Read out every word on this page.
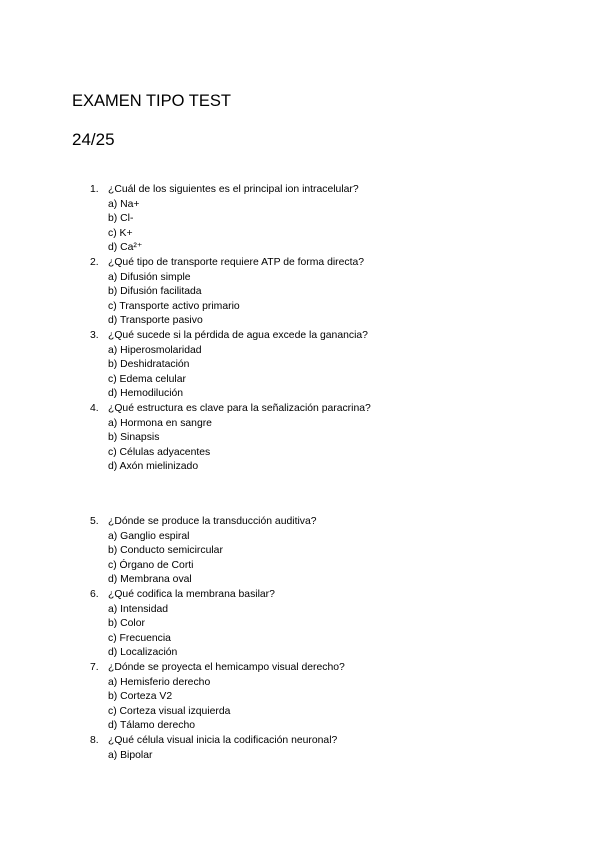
EXAMEN TIPO TEST
24/25
1. ¿Cuál de los siguientes es el principal ion intracelular?
a) Na+
b) Cl-
c) K+
d) Ca²⁺
2. ¿Qué tipo de transporte requiere ATP de forma directa?
a) Difusión simple
b) Difusión facilitada
c) Transporte activo primario
d) Transporte pasivo
3. ¿Qué sucede si la pérdida de agua excede la ganancia?
a) Hiperosmolaridad
b) Deshidratación
c) Edema celular
d) Hemodilución
4. ¿Qué estructura es clave para la señalización paracrina?
a) Hormona en sangre
b) Sinapsis
c) Células adyacentes
d) Axón mielinizado
5. ¿Dónde se produce la transducción auditiva?
a) Ganglio espiral
b) Conducto semicircular
c) Órgano de Corti
d) Membrana oval
6. ¿Qué codifica la membrana basilar?
a) Intensidad
b) Color
c) Frecuencia
d) Localización
7. ¿Dónde se proyecta el hemicampo visual derecho?
a) Hemisferio derecho
b) Corteza V2
c) Corteza visual izquierda
d) Tálamo derecho
8. ¿Qué célula visual inicia la codificación neuronal?
a) Bipolar
